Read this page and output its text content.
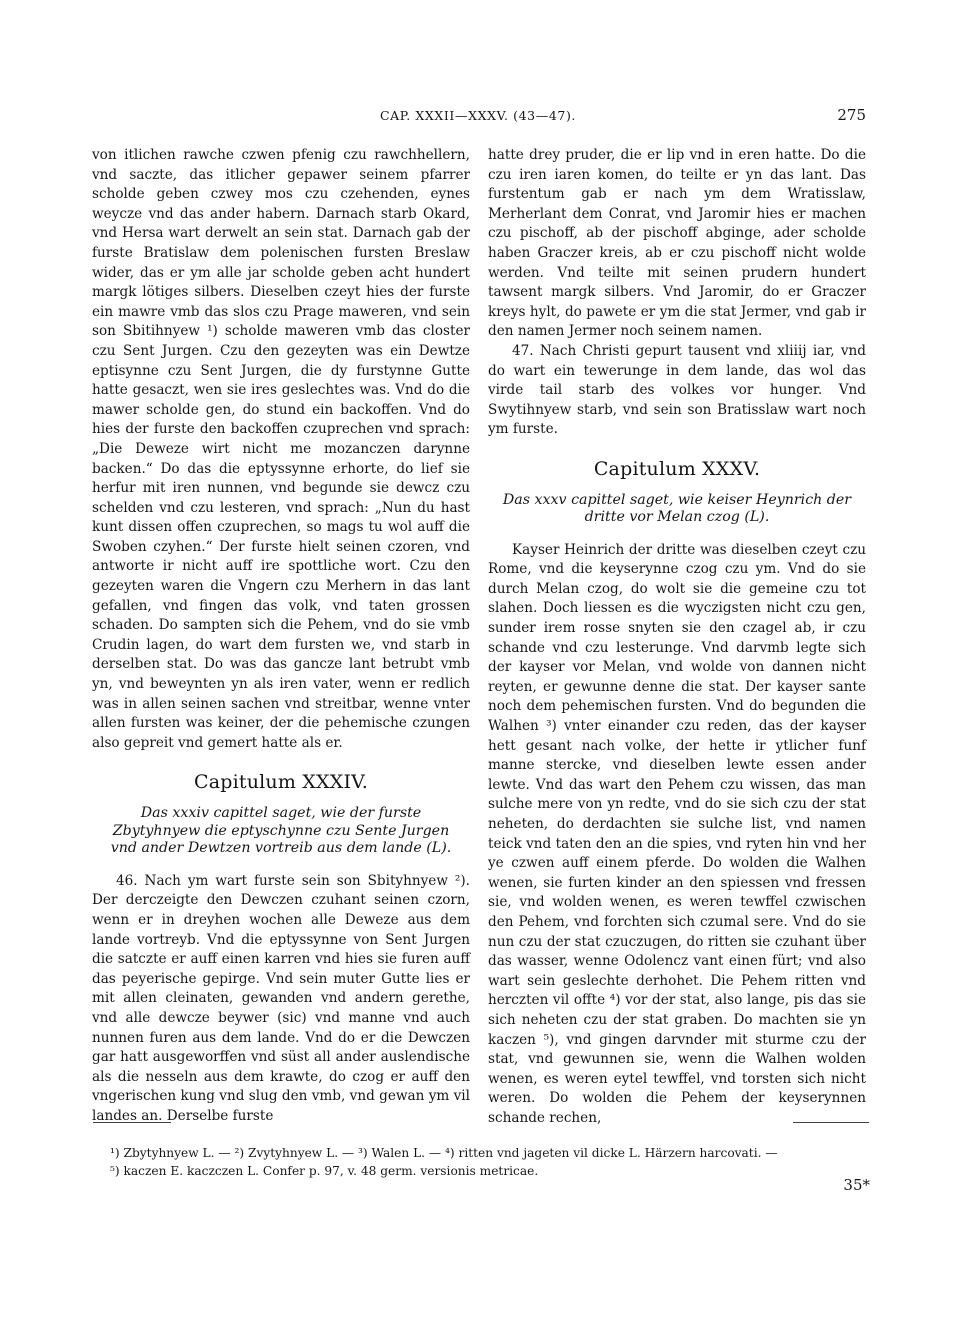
CAP. XXXII—XXXV. (43—47).	275

von itlichen rawche czwen pfenig czu rawchhellern, vnd saczte, das itlicher gepawer seinem pfarrer scholde geben czwey mos czu czehenden, eynes weycze vnd das ander habern. Darnach starb Okard, vnd Hersa wart derwelt an sein stat. Darnach gab der furste Bratislaw dem polenischen fursten Breslaw wider, das er ym alle jar scholde geben acht hundert margk lötiges silbers. Dieselben czeyt hies der furste ein mawre vmb das slos czu Prage maweren, vnd sein son Sbitihnyew ¹) scholde maweren vmb das closter czu Sent Jurgen. Czu den gezeyten was ein Dewtze eptisynne czu Sent Jurgen, die dy furstynne Gutte hatte gesaczt, wen sie ires geslechtes was. Vnd do die mawer scholde gen, do stund ein backoffen. Vnd do hies der furste den backoffen czuprechen vnd sprach: „Die Deweze wirt nicht me mozanczen darynne backen.“ Do das die eptyssynne erhorte, do lief sie herfur mit iren nunnen, vnd begunde sie dewcz czu schelden vnd czu lesteren, vnd sprach: „Nun du hast kunt dissen offen czuprechen, so mags tu wol auff die Swoben czyhen.“ Der furste hielt seinen czoren, vnd antworte ir nicht auff ire spottliche wort. Czu den gezeyten waren die Vngern czu Merhern in das lant gefallen, vnd fingen das volk, vnd taten grossen schaden. Do sampten sich die Pehem, vnd do sie vmb Crudin lagen, do wart dem fursten we, vnd starb in derselben stat. Do was das gancze lant betrubt vmb yn, vnd beweynten yn als iren vater, wenn er redlich was in allen seinen sachen vnd streitbar, wenne vnter allen fursten was keiner, der die pehemische czungen also gepreit vnd gemert hatte als er.

Capitulum XXXIV.

Das xxxiv capittel saget, wie der furste Zbytyhnyew die eptyschynne czu Sente Jurgen vnd ander Dewtzen vortreib aus dem lande (L).

46. Nach ym wart furste sein son Sbityhnyew ²). Der derczeigte den Dewczen czuhant seinen czorn, wenn er in dreyhen wochen alle Deweze aus dem lande vortreyb. Vnd die eptyssynne von Sent Jurgen die satczte er auff einen karren vnd hies sie furen auff das peyerische gepirge. Vnd sein muter Gutte lies er mit allen cleinaten, gewanden vnd andern gerethe, vnd alle dewcze beywer (sic) vnd manne vnd auch nunnen furen aus dem lande. Vnd do er die Dewczen gar hatt ausgeworffen vnd süst all ander auslendische als die nesseln aus dem krawte, do czog er auff den vngerischen kung vnd slug den vmb, vnd gewan ym vil landes an. Derselbe furste

hatte drey pruder, die er lip vnd in eren hatte. Do die czu iren iaren komen, do teilte er yn das lant. Das furstentum gab er nach ym dem Wratisslaw, Merherlant dem Conrat, vnd Jaromir hies er machen czu pischoff, ab der pischoff abginge, ader scholde haben Graczer kreis, ab er czu pischoff nicht wolde werden. Vnd teilte mit seinen prudern hundert tawsent margk silbers. Vnd Jaromir, do er Graczer kreys hylt, do pawete er ym die stat Jermer, vnd gab ir den namen Jermer noch seinem namen.

47. Nach Christi gepurt tausent vnd xliiij iar, vnd do wart ein tewerunge in dem lande, das wol das virde tail starb des volkes vor hunger. Vnd Swytihnyew starb, vnd sein son Bratisslaw wart noch ym furste.

Capitulum XXXV.

Das xxxv capittel saget, wie keiser Heynrich der dritte vor Melan czog (L).

Kayser Heinrich der dritte was dieselben czeyt czu Rome, vnd die keyserynne czog czu ym. Vnd do sie durch Melan czog, do wolt sie die gemeine czu tot slahen. Doch liessen es die wyczigsten nicht czu gen, sunder irem rosse snyten sie den czagel ab, ir czu schande vnd czu lesterunge. Vnd darvmb legte sich der kayser vor Melan, vnd wolde von dannen nicht reyten, er gewunne denne die stat. Der kayser sante noch dem pehemischen fursten. Vnd do begunden die Walhen ³) vnter einander czu reden, das der kayser hett gesant nach volke, der hette ir ytlicher funf manne stercke, vnd dieselben lewte essen ander lewte. Vnd das wart den Pehem czu wissen, das man sulche mere von yn redte, vnd do sie sich czu der stat neheten, do derdachten sie sulche list, vnd namen teick vnd taten den an die spies, vnd ryten hin vnd her ye czwen auff einem pferde. Do wolden die Walhen wenen, sie furten kinder an den spiessen vnd fressen sie, vnd wolden wenen, es weren tewffel czwischen den Pehem, vnd forchten sich czumal sere. Vnd do sie nun czu der stat czuczugen, do ritten sie czuhant über das wasser, wenne Odolencz vant einen fürt; vnd also wart sein geslechte derhohet. Die Pehem ritten vnd herczten vil offte ⁴) vor der stat, also lange, pis das sie sich neheten czu der stat graben. Do machten sie yn kaczen ⁵), vnd gingen darvnder mit sturme czu der stat, vnd gewunnen sie, wenn die Walhen wolden wenen, es weren eytel tewffel, vnd torsten sich nicht weren. Do wolden die Pehem der keyserynnen schande rechen,

¹) Zbytyhnyew L. — ²) Zvytyhnyew L. — ³) Walen L. — ⁴) ritten vnd jageten vil dicke L. Härzern harcovati. —
⁵) kaczen E. kaczczen L. Confer p. 97, v. 48 germ. versionis metricae.
35*
